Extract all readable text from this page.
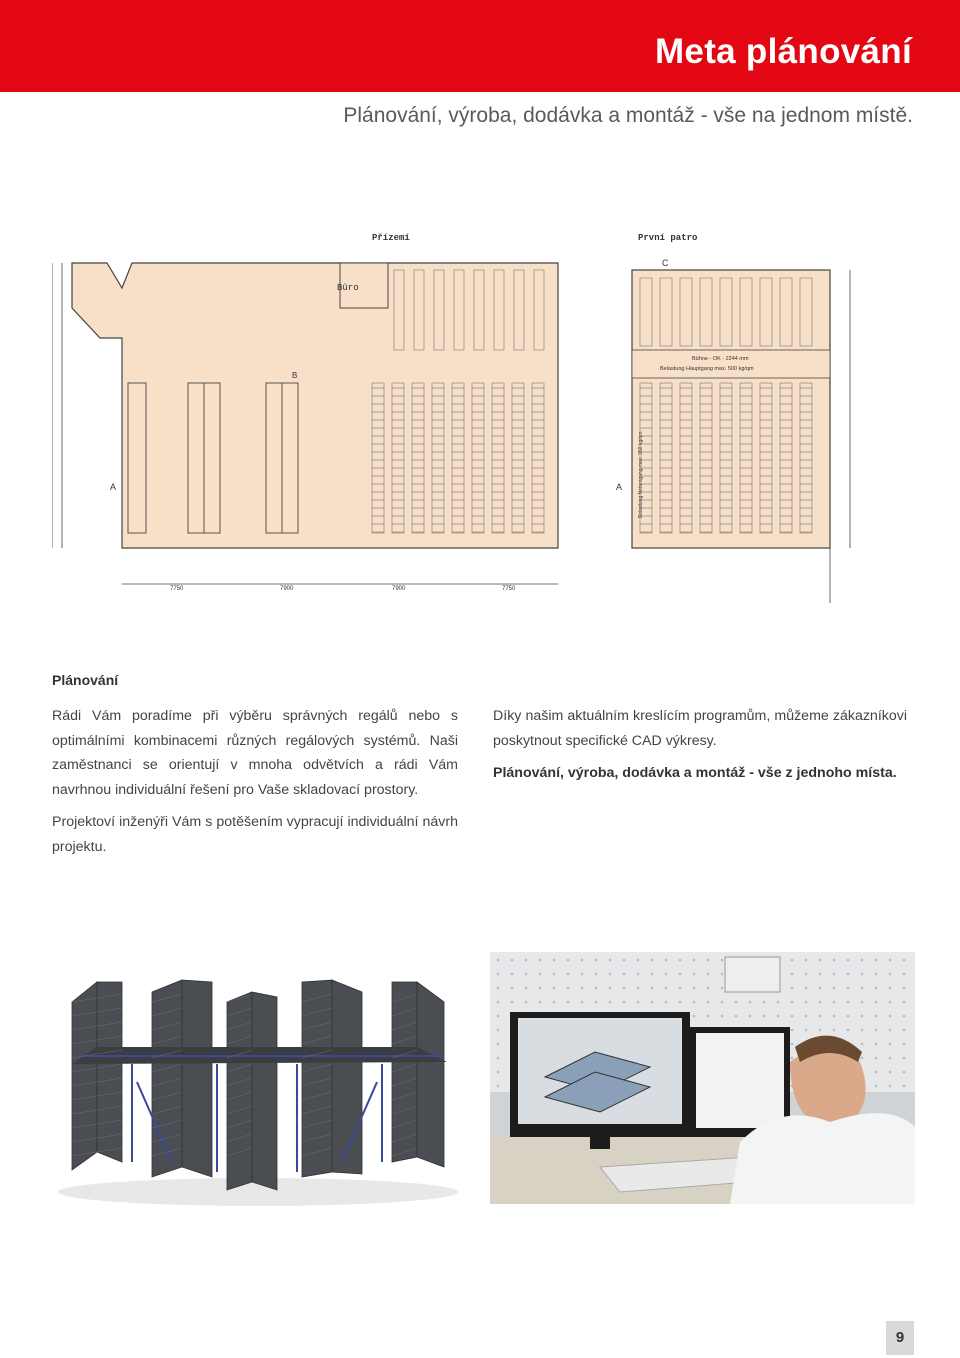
Meta plánování

Plánování, výroba, dodávka a montáž - vše na jednom místě.

Přízemí
Büro
7750	7900	7900	7750
A
B
První patro
Bühne - OK - 2244 mm
Belastung Hauptgang max. 500 kg/qm
Belastung Nebengang max. 350 kg/qm
A
C
Plánování

Rádi Vám poradíme při výběru správných regálů nebo s optimálními kombinacemi různých regálových systémů. Naši zaměstnanci se orientují v mnoha odvětvích a rádi Vám navrhnou individuální řešení pro Vaše skladovací prostory.

Projektoví inženýři Vám s potěšením vypracují individuální návrh projektu.

Díky našim aktuálním kreslícím programům, můžeme zákazníkovi poskytnout specifické CAD výkresy.

Plánování, výroba, dodávka a montáž - vše z jednoho místa.

9
